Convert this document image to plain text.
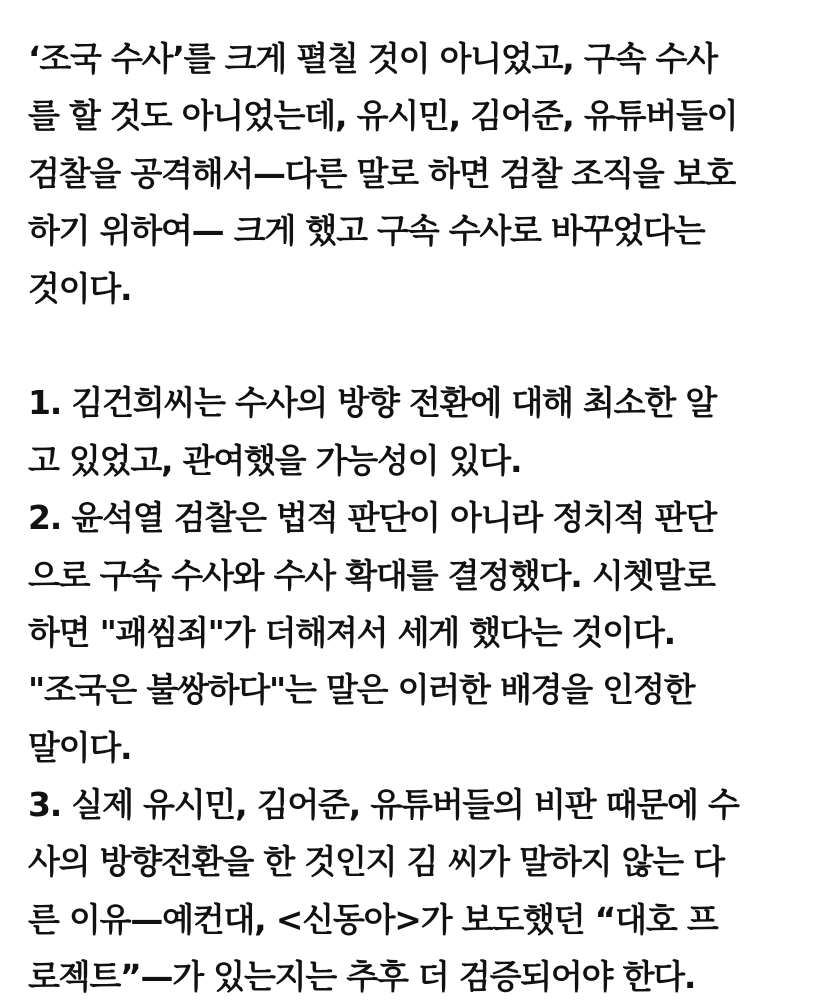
‘조국 수사’를 크게 펼칠 것이 아니었고, 구속 수사
를 할 것도 아니었는데, 유시민, 김어준, 유튜버들이
검찰을 공격해서—다른 말로 하면 검찰 조직을 보호
하기 위하여— 크게 했고 구속 수사로 바꾸었다는
것이다.
1. 김건희씨는 수사의 방향 전환에 대해 최소한 알
고 있었고, 관여했을 가능성이 있다.
2. 윤석열 검찰은 법적 판단이 아니라 정치적 판단
으로 구속 수사와 수사 확대를 결정했다. 시쳇말로
하면 "괘씸죄"가 더해져서 세게 했다는 것이다.
"조국은 불쌍하다"는 말은 이러한 배경을 인정한
말이다.
3. 실제 유시민, 김어준, 유튜버들의 비판 때문에 수
사의 방향전환을 한 것인지 김 씨가 말하지 않는 다
른 이유—예컨대, <신동아>가 보도했던 “대호 프
로젝트”—가 있는지는 추후 더 검증되어야 한다.
